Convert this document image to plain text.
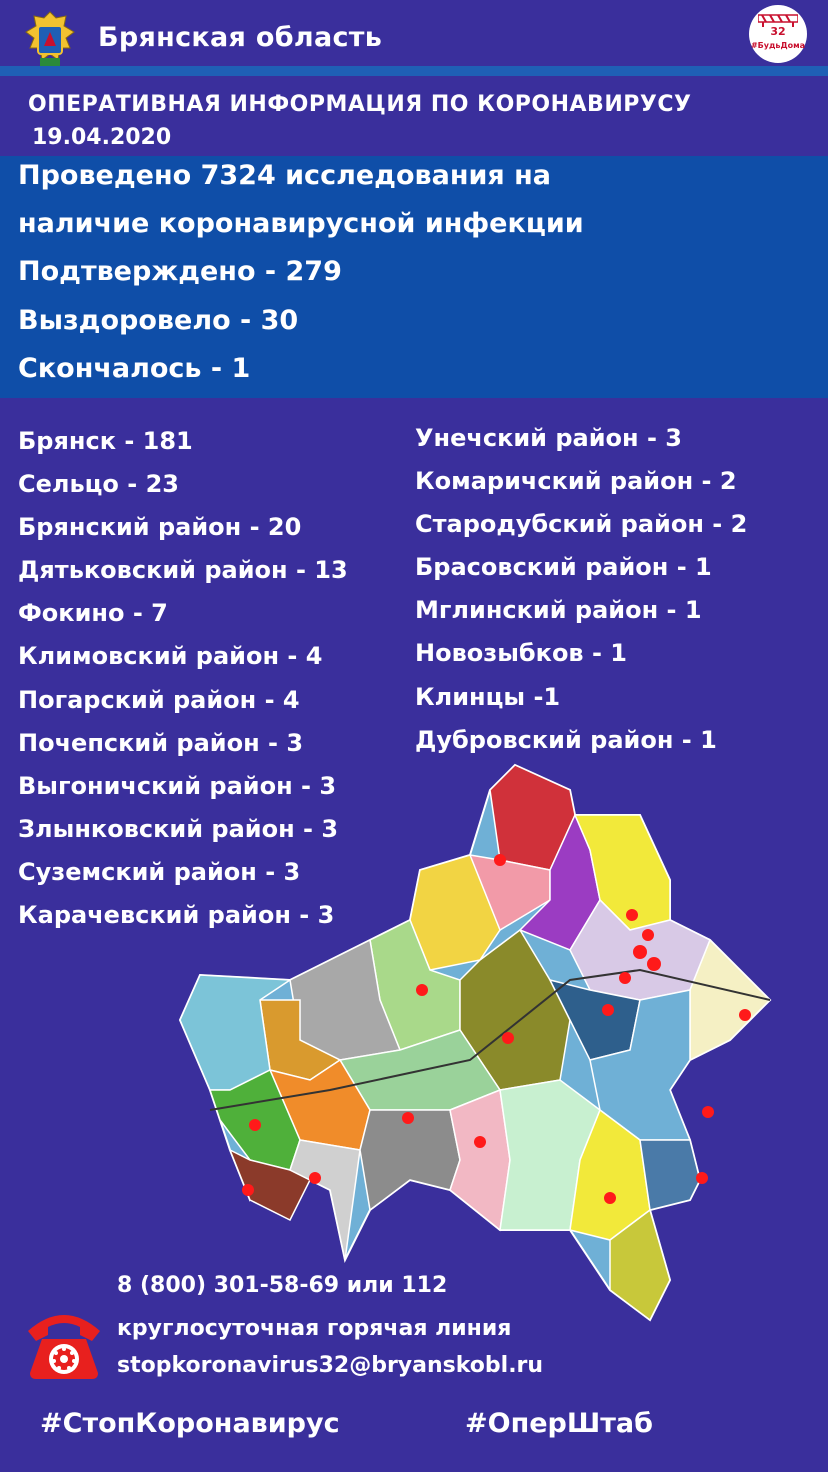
Брянская область	32
#БудьДома
ОПЕРАТИВНАЯ ИНФОРМАЦИЯ ПО КОРОНАВИРУСУ
19.04.2020
Проведено 7324 исследования на
наличие коронавирусной инфекции
Подтверждено - 279
Выздоровело - 30
Скончалось - 1
Брянск - 181
Сельцо - 23
Брянский район - 20
Дятьковский район - 13
Фокино - 7
Климовский район - 4
Погарский район - 4
Почепский район - 3
Выгоничский район - 3
Злынковский район - 3
Суземский район - 3
Карачевский район - 3
Унечский район - 3
Комаричский район - 2
Стародубский район - 2
Брасовский район - 1
Мглинский район - 1
Новозыбков - 1
Клинцы -1
Дубровский район - 1
8 (800) 301-58-69 или 112
круглосуточная горячая линия
stopkoronavirus32@bryanskobl.ru
#СтопКоронавирус	#ОперШтаб
